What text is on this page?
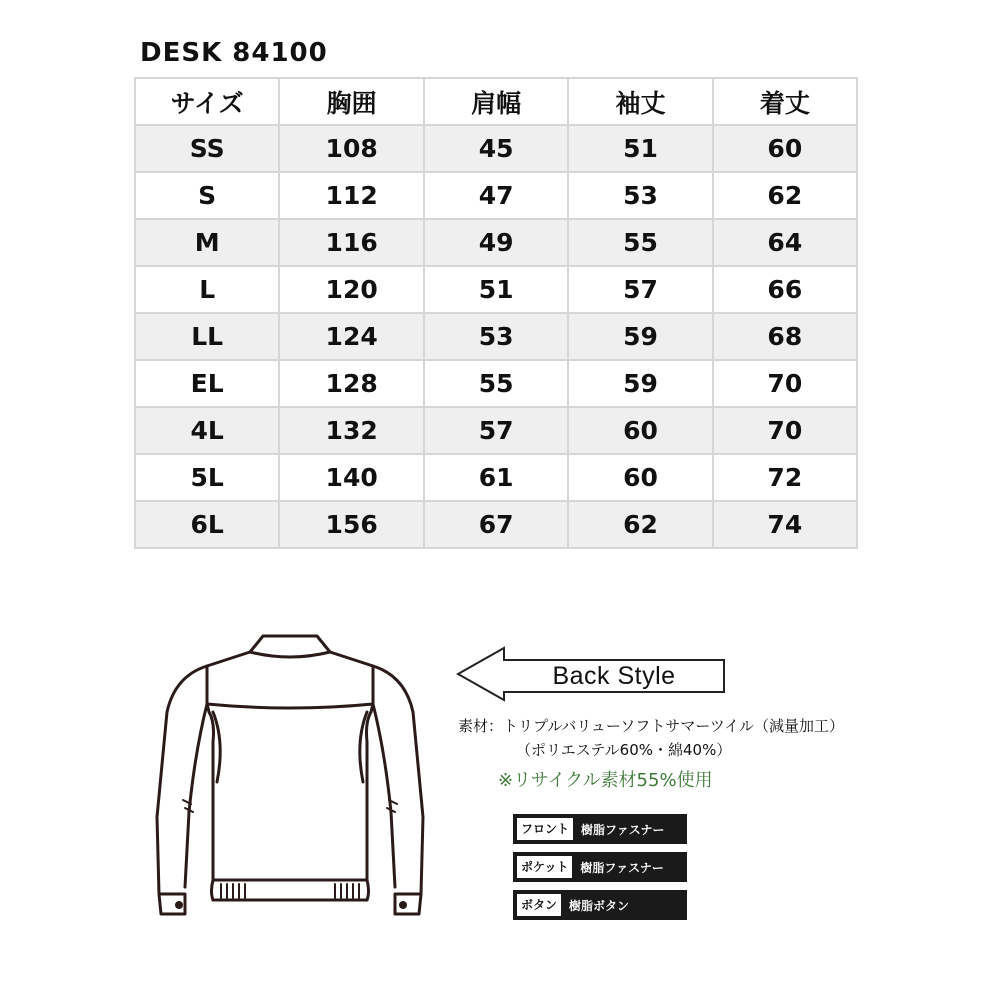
DESK 84100
サイズ	胸囲	肩幅	袖丈	着丈
SS	108	45	51	60
S	112	47	53	62
M	116	49	55	64
L	120	51	57	66
LL	124	53	59	68
EL	128	55	59	70
4L	132	57	60	70
5L	140	61	60	72
6L	156	67	62	74
Back Style
素材：トリプルバリューソフトサマーツイル（減量加工）
（ポリエステル60%・綿40%）
※リサイクル素材55%使用
フロント	樹脂ファスナー
ポケット	樹脂ファスナー
ボタン	樹脂ボタン
